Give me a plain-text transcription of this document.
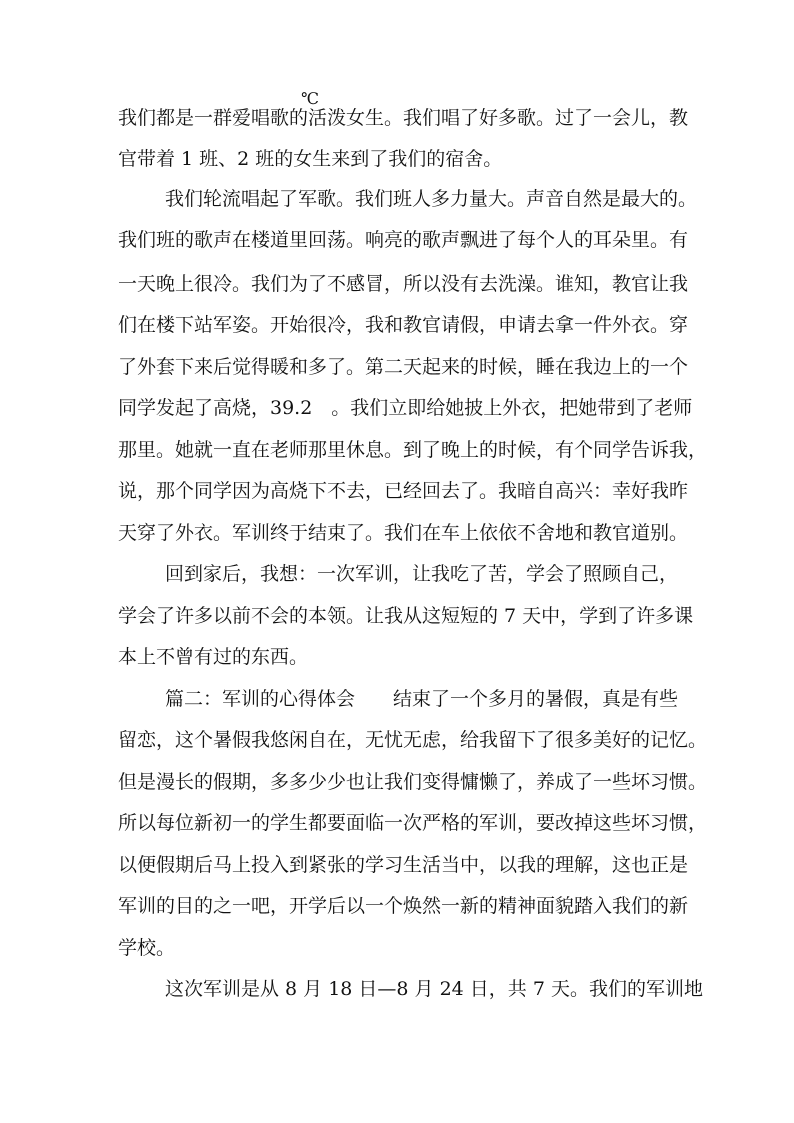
℃
我们都是一群爱唱歌的活泼女生。我们唱了好多歌。过了一会儿，教
官带着 1 班、2 班的女生来到了我们的宿舍。
我们轮流唱起了军歌。我们班人多力量大。声音自然是最大的。
我们班的歌声在楼道里回荡。响亮的歌声飘进了每个人的耳朵里。有
一天晚上很冷。我们为了不感冒，所以没有去洗澡。谁知，教官让我
们在楼下站军姿。开始很冷，我和教官请假，申请去拿一件外衣。穿
了外套下来后觉得暖和多了。第二天起来的时候，睡在我边上的一个
同学发起了高烧，39.2　。我们立即给她披上外衣，把她带到了老师
那里。她就一直在老师那里休息。到了晚上的时候，有个同学告诉我，
说，那个同学因为高烧下不去，已经回去了。我暗自高兴：幸好我昨
天穿了外衣。军训终于结束了。我们在车上依依不舍地和教官道别。
回到家后，我想：一次军训，让我吃了苦，学会了照顾自己，
学会了许多以前不会的本领。让我从这短短的 7 天中，学到了许多课
本上不曾有过的东西。
篇二：军训的心得体会　　结束了一个多月的暑假，真是有些
留恋，这个暑假我悠闲自在，无忧无虑，给我留下了很多美好的记忆。
但是漫长的假期，多多少少也让我们变得慵懒了，养成了一些坏习惯。
所以每位新初一的学生都要面临一次严格的军训，要改掉这些坏习惯，
以便假期后马上投入到紧张的学习生活当中，以我的理解，这也正是
军训的目的之一吧，开学后以一个焕然一新的精神面貌踏入我们的新
学校。
这次军训是从 8 月 18 日—8 月 24 日，共 7 天。我们的军训地
